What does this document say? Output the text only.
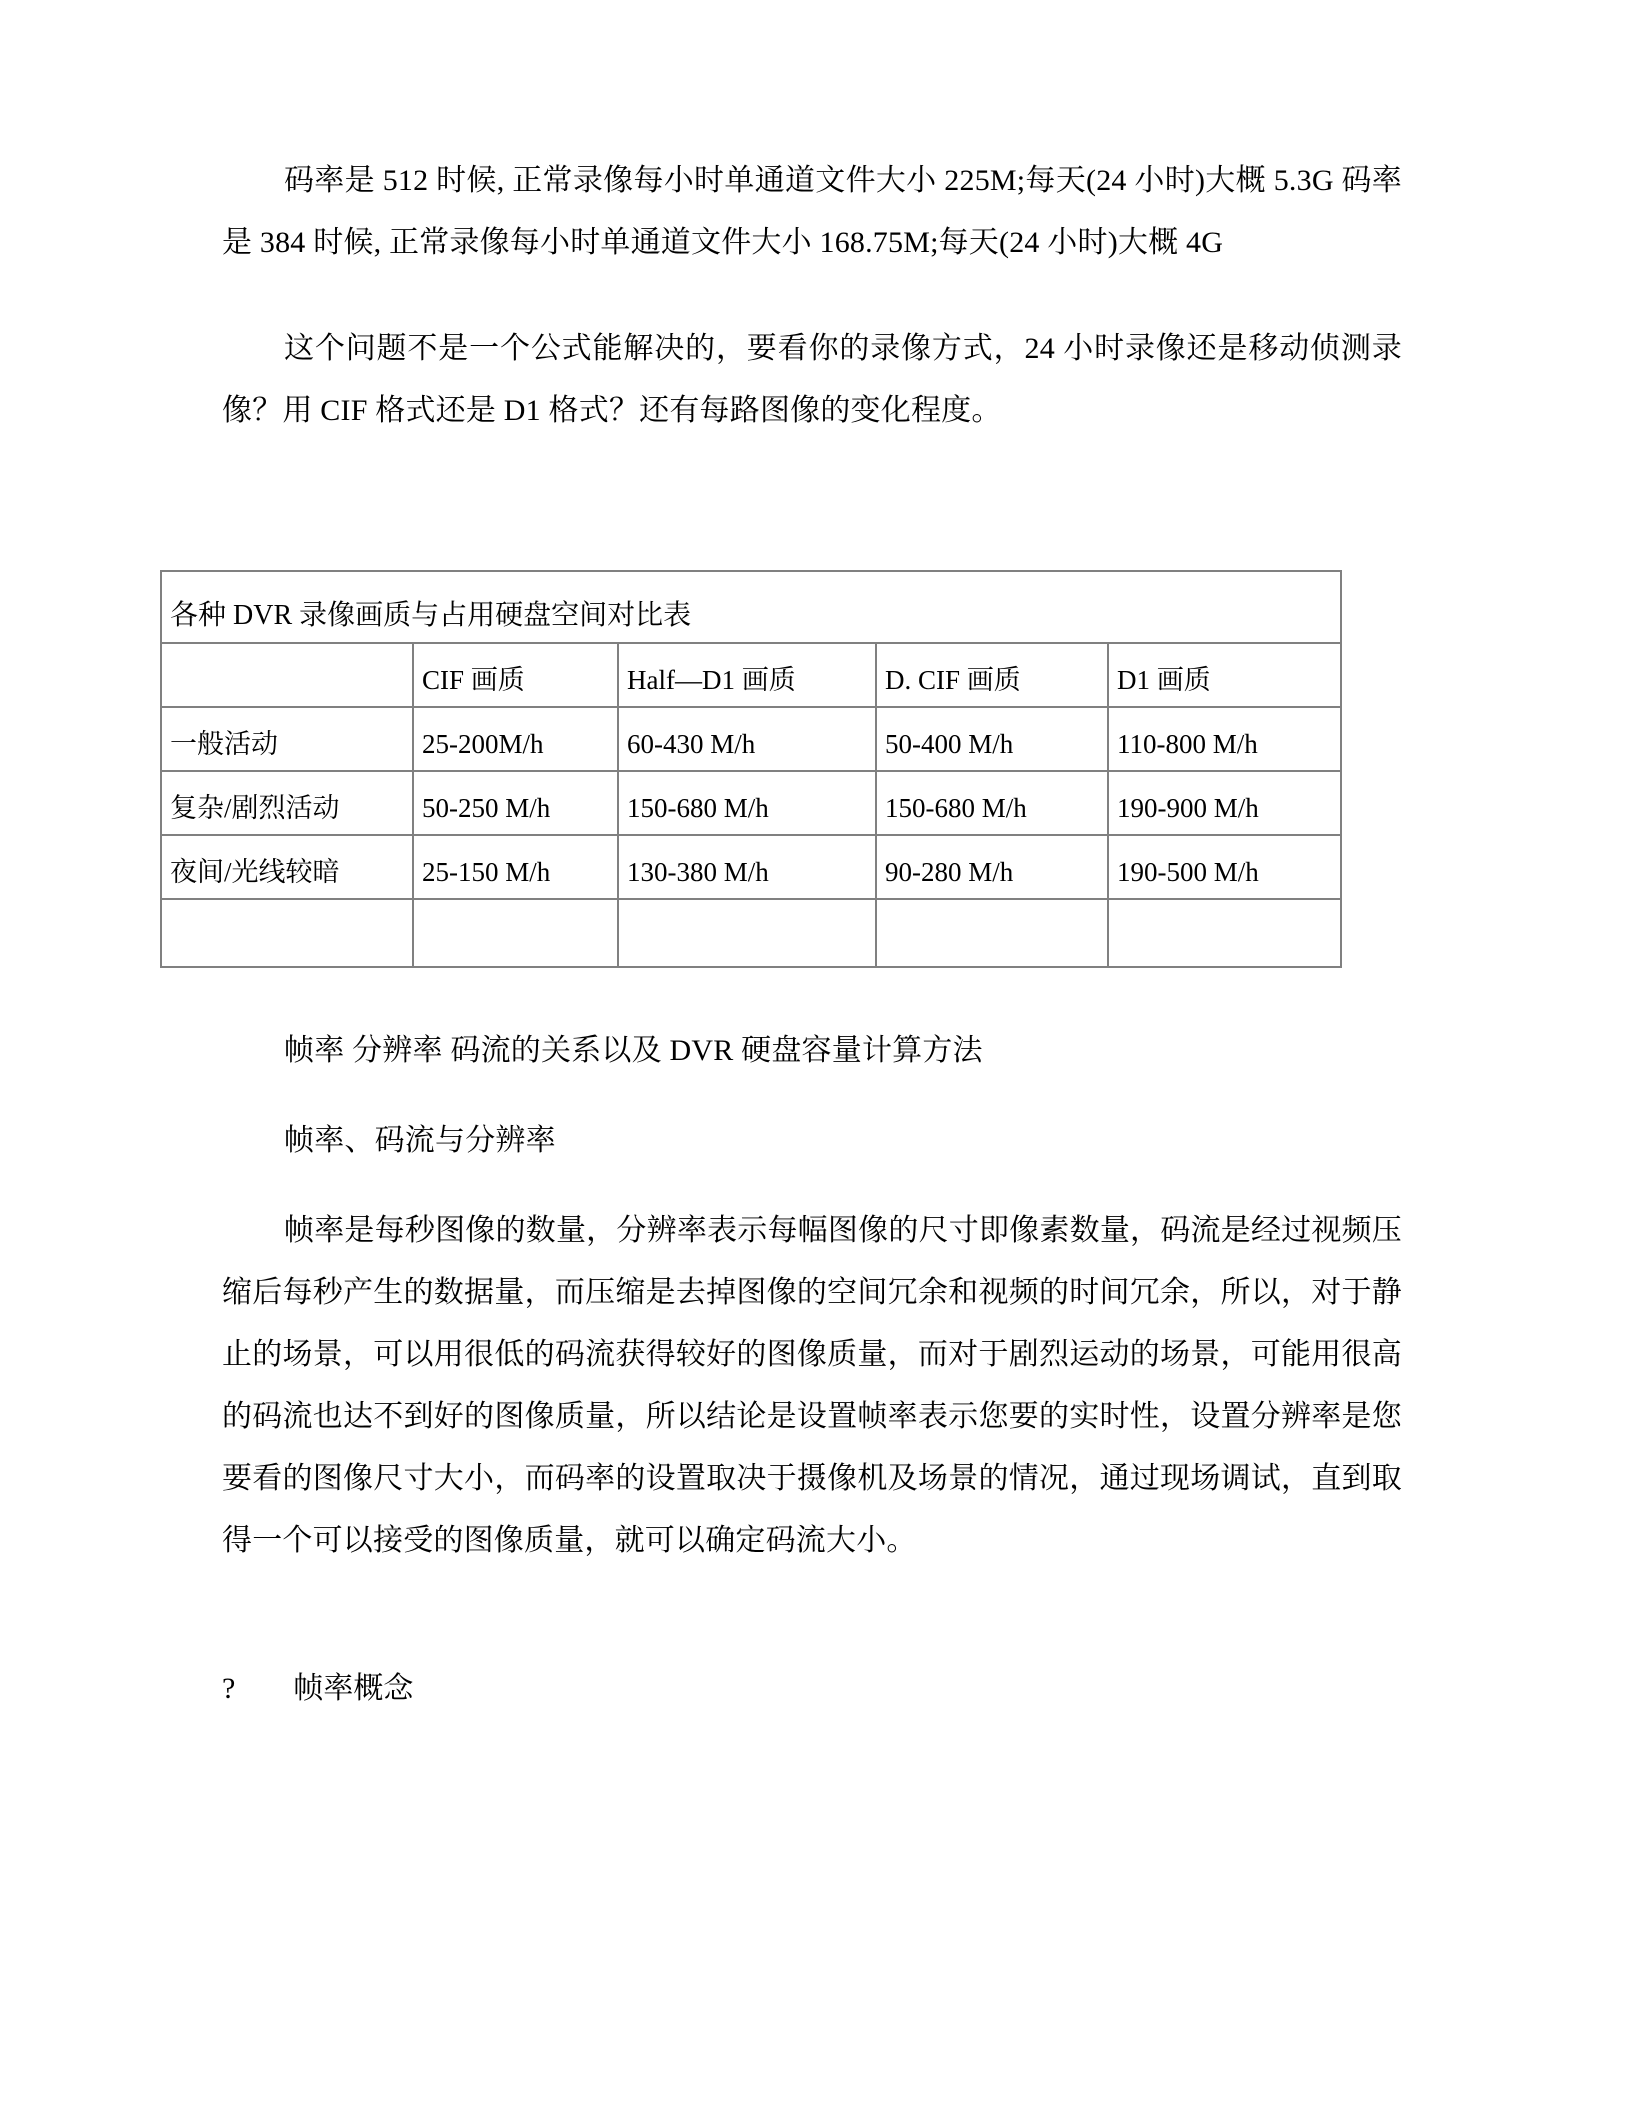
码率是 512 时候, 正常录像每小时单通道文件大小 225M;每天(24 小时)大概 5.3G 码率是 384 时候, 正常录像每小时单通道文件大小 168.75M;每天(24 小时)大概 4G

这个问题不是一个公式能解决的，要看你的录像方式，24 小时录像还是移动侦测录像？用 CIF 格式还是 D1 格式？还有每路图像的变化程度。

各种 DVR 录像画质与占用硬盘空间对比表				
	CIF 画质	Half—D1 画质	D. CIF 画质	D1 画质
一般活动	25-200M/h	60-430 M/h	50-400 M/h	110-800 M/h
复杂/剧烈活动	50-250 M/h	150-680 M/h	150-680 M/h	190-900 M/h
夜间/光线较暗	25-150 M/h	130-380 M/h	90-280 M/h	190-500 M/h

帧率 分辨率 码流的关系以及 DVR 硬盘容量计算方法

帧率、码流与分辨率

帧率是每秒图像的数量，分辨率表示每幅图像的尺寸即像素数量，码流是经过视频压缩后每秒产生的数据量，而压缩是去掉图像的空间冗余和视频的时间冗余，所以，对于静止的场景，可以用很低的码流获得较好的图像质量，而对于剧烈运动的场景，可能用很高的码流也达不到好的图像质量，所以结论是设置帧率表示您要的实时性，设置分辨率是您要看的图像尺寸大小，而码率的设置取决于摄像机及场景的情况，通过现场调试，直到取得一个可以接受的图像质量，就可以确定码流大小。

? 帧率概念
